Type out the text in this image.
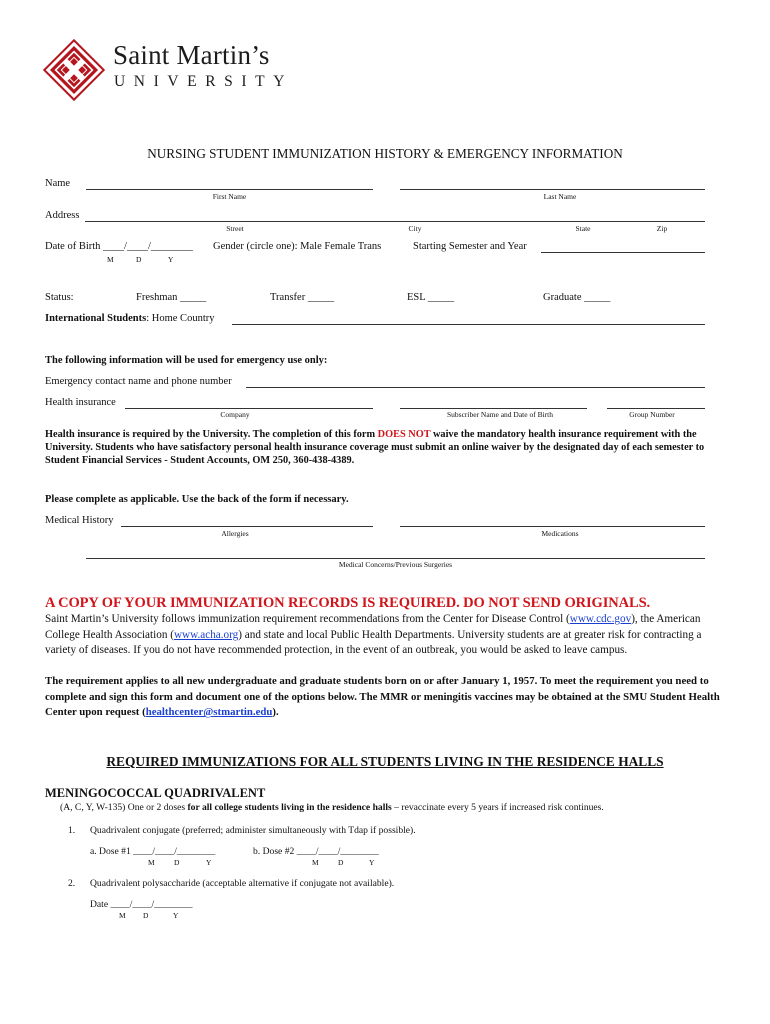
Saint Martin’s
UNIVERSITY
NURSING STUDENT IMMUNIZATION HISTORY & EMERGENCY INFORMATION
Name
First Name	Last Name
Address
Street	City	State	Zip
Date of Birth ____/____/________
M	D	Y
Gender (circle one): Male Female Trans	Starting Semester and Year
Status:	Freshman _____	Transfer _____	ESL _____	Graduate _____
International Students: Home Country
The following information will be used for emergency use only:
Emergency contact name and phone number
Health insurance
Company	Subscriber Name and Date of Birth	Group Number
Health insurance is required by the University. The completion of this form DOES NOT waive the mandatory health insurance requirement with the University. Students who have satisfactory personal health insurance coverage must submit an online waiver by the designated day of each semester to Student Financial Services - Student Accounts, OM 250, 360-438-4389.
Please complete as applicable. Use the back of the form if necessary.
Medical History
Allergies	Medications
Medical Concerns/Previous Surgeries
A COPY OF YOUR IMMUNIZATION RECORDS IS REQUIRED. DO NOT SEND ORIGINALS.
Saint Martin’s University follows immunization requirement recommendations from the Center for Disease Control (www.cdc.gov), the American College Health Association (www.acha.org) and state and local Public Health Departments. University students are at greater risk for contracting a variety of diseases. If you do not have recommended protection, in the event of an outbreak, you would be asked to leave campus.
The requirement applies to all new undergraduate and graduate students born on or after January 1, 1957. To meet the requirement you need to complete and sign this form and document one of the options below. The MMR or meningitis vaccines may be obtained at the SMU Student Health Center upon request (healthcenter@stmartin.edu).
REQUIRED IMMUNIZATIONS FOR ALL STUDENTS LIVING IN THE RESIDENCE HALLS
MENINGOCOCCAL QUADRIVALENT
(A, C, Y, W-135) One or 2 doses for all college students living in the residence halls – revaccinate every 5 years if increased risk continues.
1. Quadrivalent conjugate (preferred; administer simultaneously with Tdap if possible).
a. Dose #1 ____/____/________
M	D	Y
b. Dose #2 ____/____/________
M	D	Y
2. Quadrivalent polysaccharide (acceptable alternative if conjugate not available).
Date ____/____/________
M D	Y
